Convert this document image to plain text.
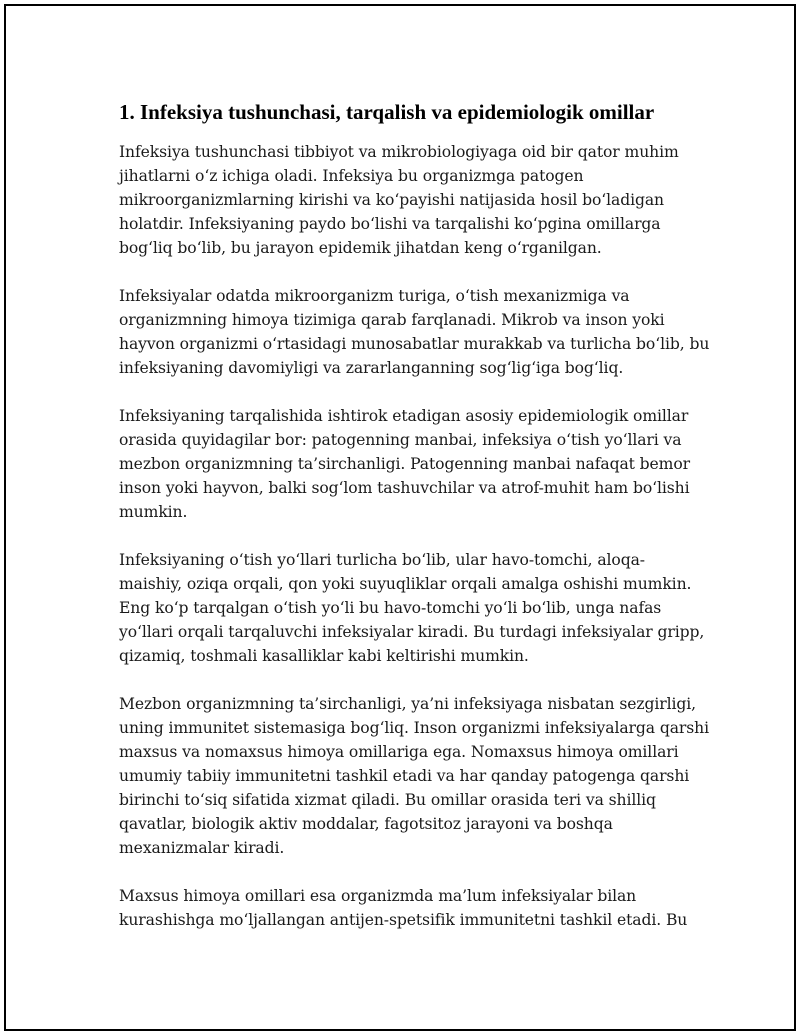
1. Infeksiya tushunchasi, tarqalish va epidemiologik omillar
Infeksiya tushunchasi tibbiyot va mikrobiologiyaga oid bir qator muhim
jihatlarni o‘z ichiga oladi. Infeksiya bu organizmga patogen
mikroorganizmlarning kirishi va ko‘payishi natijasida hosil bo‘ladigan
holatdir. Infeksiyaning paydo bo‘lishi va tarqalishi ko‘pgina omillarga
bog‘liq bo‘lib, bu jarayon epidemik jihatdan keng o‘rganilgan.
Infeksiyalar odatda mikroorganizm turiga, o‘tish mexanizmiga va
organizmning himoya tizimiga qarab farqlanadi. Mikrob va inson yoki
hayvon organizmi o‘rtasidagi munosabatlar murakkab va turlicha bo‘lib, bu
infeksiyaning davomiyligi va zararlanganning sog‘lig‘iga bog‘liq.
Infeksiyaning tarqalishida ishtirok etadigan asosiy epidemiologik omillar
orasida quyidagilar bor: patogenning manbai, infeksiya o‘tish yo‘llari va
mezbon organizmning ta’sirchanligi. Patogenning manbai nafaqat bemor
inson yoki hayvon, balki sog‘lom tashuvchilar va atrof-muhit ham bo‘lishi
mumkin.
Infeksiyaning o‘tish yo‘llari turlicha bo‘lib, ular havo-tomchi, aloqa-
maishiy, oziqa orqali, qon yoki suyuqliklar orqali amalga oshishi mumkin.
Eng ko‘p tarqalgan o‘tish yo‘li bu havo-tomchi yo‘li bo‘lib, unga nafas
yo‘llari orqali tarqaluvchi infeksiyalar kiradi. Bu turdagi infeksiyalar gripp,
qizamiq, toshmali kasalliklar kabi keltirishi mumkin.
Mezbon organizmning ta’sirchanligi, ya’ni infeksiyaga nisbatan sezgirligi,
uning immunitet sistemasiga bog‘liq. Inson organizmi infeksiyalarga qarshi
maxsus va nomaxsus himoya omillariga ega. Nomaxsus himoya omillari
umumiy tabiiy immunitetni tashkil etadi va har qanday patogenga qarshi
birinchi to‘siq sifatida xizmat qiladi. Bu omillar orasida teri va shilliq
qavatlar, biologik aktiv moddalar, fagotsitoz jarayoni va boshqa
mexanizmalar kiradi.
Maxsus himoya omillari esa organizmda ma’lum infeksiyalar bilan
kurashishga mo‘ljallangan antijen-spetsifik immunitetni tashkil etadi. Bu
